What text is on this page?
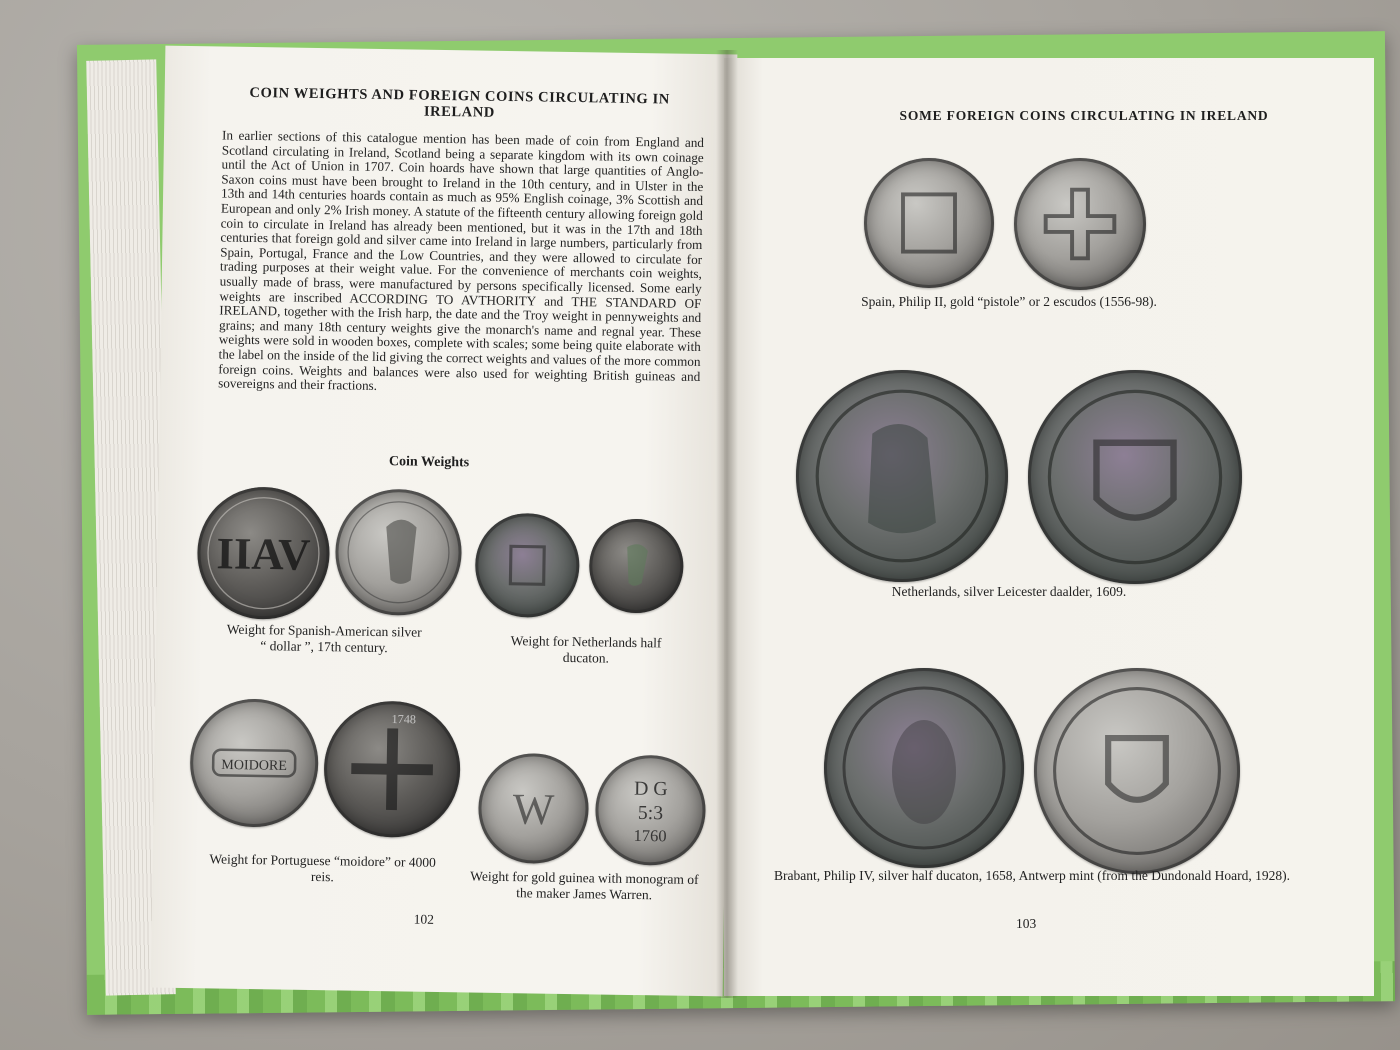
COIN WEIGHTS AND FOREIGN COINS CIRCULATING IN IRELAND
In earlier sections of this catalogue mention has been made of coin from England and Scotland circulating in Ireland, Scotland being a separate kingdom with its own coinage until the Act of Union in 1707. Coin hoards have shown that large quantities of Anglo-Saxon coins must have been brought to Ireland in the 10th century, and in Ulster in the 13th and 14th centuries hoards contain as much as 95% English coinage, 3% Scottish and European and only 2% Irish money. A statute of the fifteenth century allowing foreign gold coin to circulate in Ireland has already been mentioned, but it was in the 17th and 18th centuries that foreign gold and silver came into Ireland in large numbers, particularly from Spain, Portugal, France and the Low Countries, and they were allowed to circulate for trading purposes at their weight value. For the convenience of merchants coin weights, usually made of brass, were manufactured by persons specifically licensed. Some early weights are inscribed ACCORDING TO AVTHORITY and THE STANDARD OF IRELAND, together with the Irish harp, the date and the Troy weight in pennyweights and grains; and many 18th century weights give the monarch's name and regnal year. These weights were sold in wooden boxes, complete with scales; some being quite elaborate with the label on the inside of the lid giving the correct weights and values of the more common foreign coins. Weights and balances were also used for weighting British guineas and sovereigns and their fractions.
Coin Weights
IIAV
Weight for Spanish-American silver “ dollar ”, 17th century.	Weight for Netherlands half ducaton.
MOIDORE
1748
W	D G
5:3
1760
Weight for Portuguese “moidore” or 4000 reis.	Weight for gold guinea with monogram of the maker James Warren.
102
SOME FOREIGN COINS CIRCULATING IN IRELAND
Spain, Philip II, gold “pistole” or 2 escudos (1556-98).
Netherlands, silver Leicester daalder, 1609.
Brabant, Philip IV, silver half ducaton, 1658, Antwerp mint (from the Dundonald Hoard, 1928).
103
